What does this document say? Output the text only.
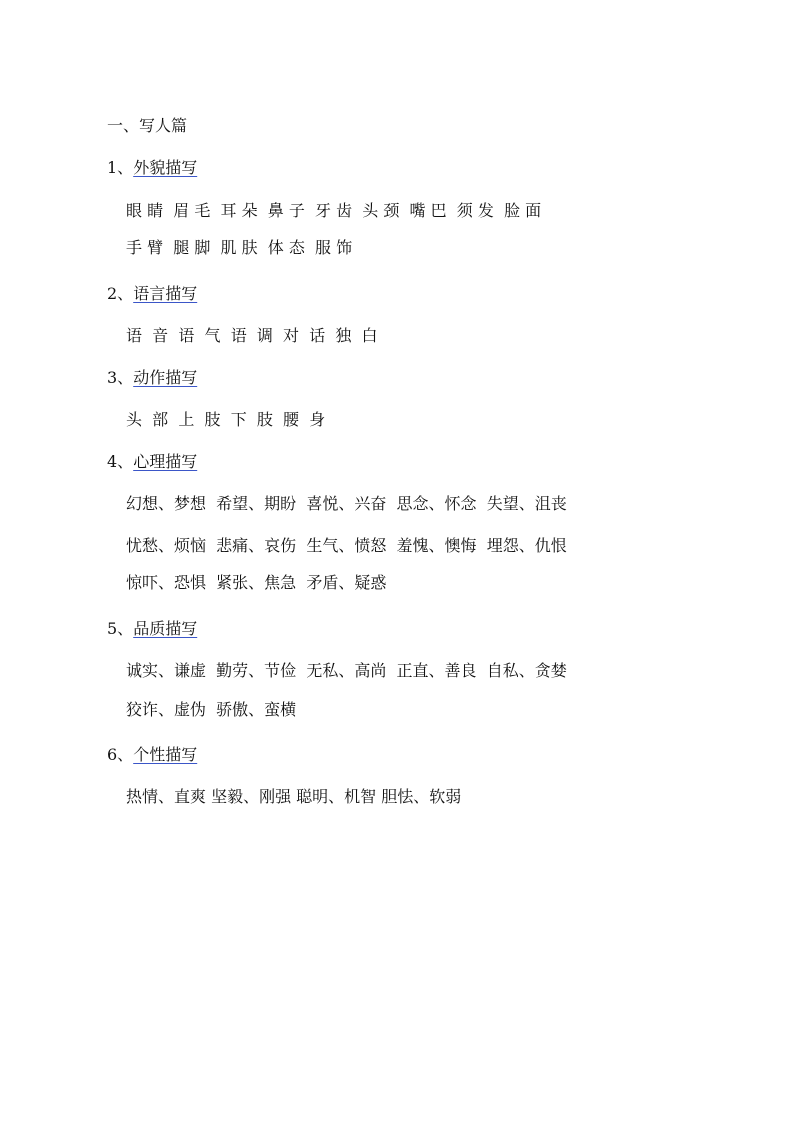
一、写人篇
1、外貌描写
眼 睛  眉 毛  耳 朵  鼻 子  牙 齿  头 颈  嘴 巴  须 发  脸 面
手 臂  腿 脚  肌 肤  体 态  服 饰
2、语言描写
语  音  语  气  语  调  对  话  独  白
3、动作描写
头  部  上  肢  下  肢  腰  身
4、心理描写
幻想、梦想  希望、期盼  喜悦、兴奋  思念、怀念  失望、沮丧
忧愁、烦恼  悲痛、哀伤  生气、愤怒  羞愧、懊悔  埋怨、仇恨
惊吓、恐惧  紧张、焦急  矛盾、疑惑
5、品质描写
诚实、谦虚  勤劳、节俭  无私、高尚  正直、善良  自私、贪婪
狡诈、虚伪  骄傲、蛮横
6、个性描写
热情、直爽 坚毅、刚强 聪明、机智 胆怯、软弱
